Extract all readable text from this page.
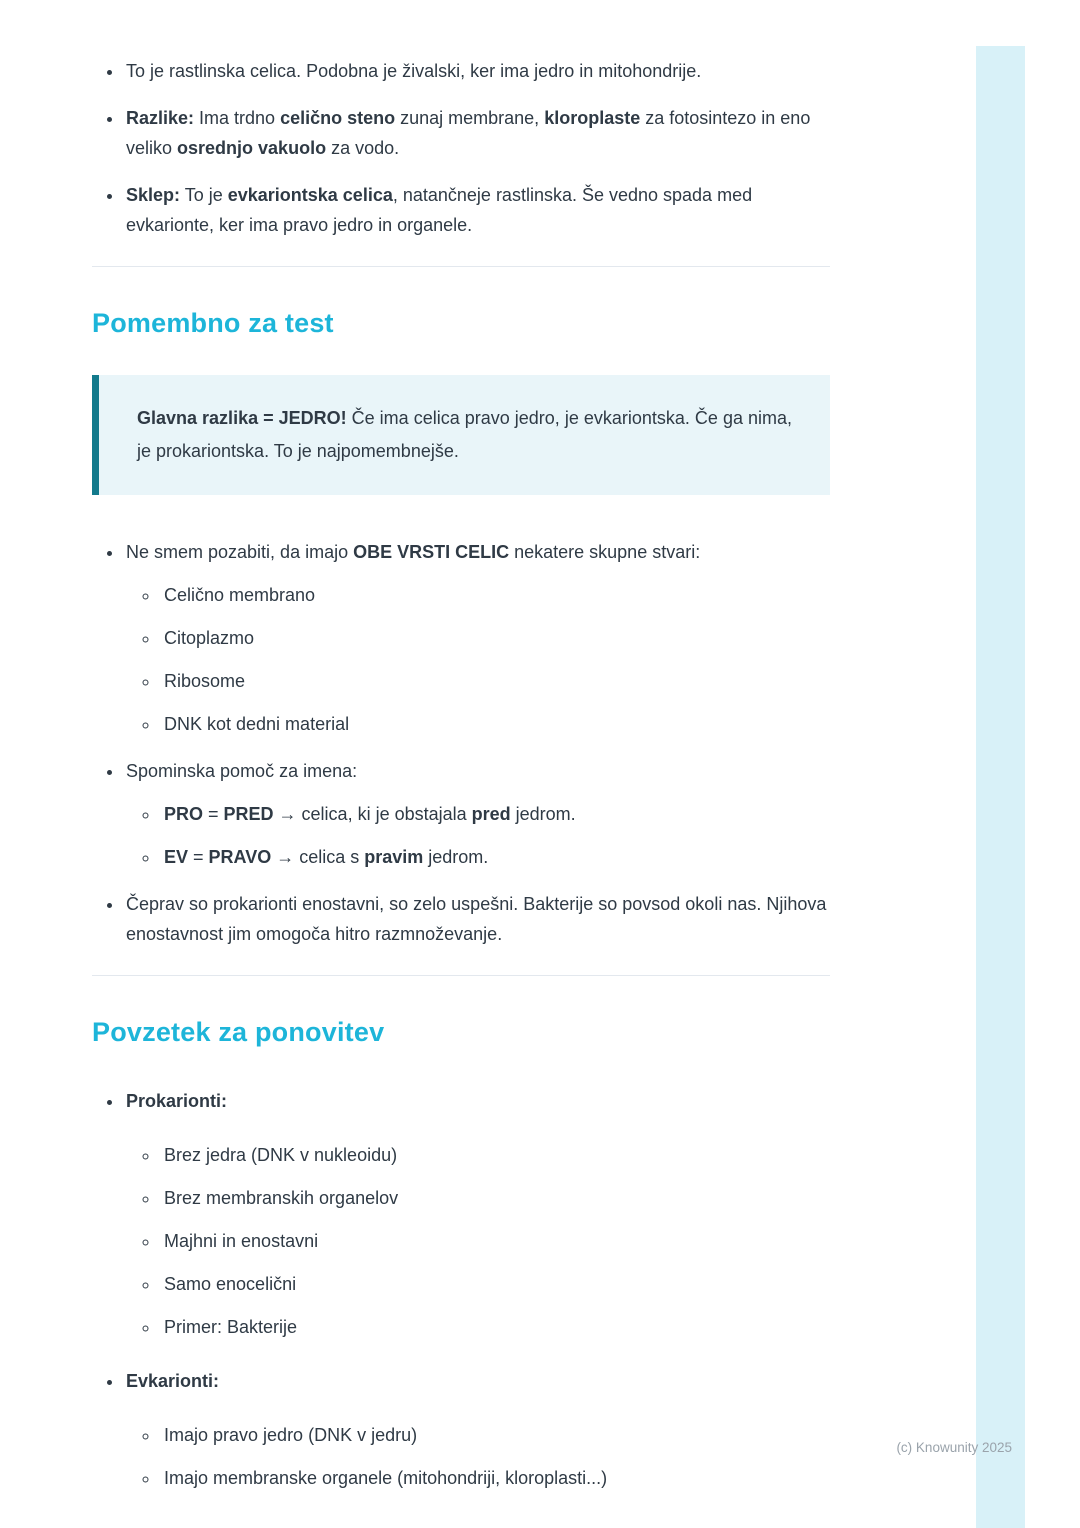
• To je rastlinska celica. Podobna je živalski, ker ima jedro in mitohondrije.
• Razlike: Ima trdno celično steno zunaj membrane, kloroplaste za fotosintezo in eno veliko osrednjo vakuolo za vodo.
• Sklep: To je evkariontska celica, natančneje rastlinska. Še vedno spada med evkarionte, ker ima pravo jedro in organele.
Pomembno za test

Glavna razlika = JEDRO! Če ima celica pravo jedro, je evkariontska. Če ga nima, je prokariontska. To je najpomembnejše.

• Ne smem pozabiti, da imajo OBE VRSTI CELIC nekatere skupne stvari:
◦ Celično membrano
◦ Citoplazmo
◦ Ribosome
◦ DNK kot dedni material
• Spominska pomoč za imena:
◦ PRO = PRED → celica, ki je obstajala pred jedrom.
◦ EV = PRAVO → celica s pravim jedrom.
• Čeprav so prokarionti enostavni, so zelo uspešni. Bakterije so povsod okoli nas. Njihova enostavnost jim omogoča hitro razmnoževanje.
Povzetek za ponovitev
• Prokarionti:
◦ Brez jedra (DNK v nukleoidu)
◦ Brez membranskih organelov
◦ Majhni in enostavni
◦ Samo enocelični
◦ Primer: Bakterije
• Evkarionti:
◦ Imajo pravo jedro (DNK v jedru)
◦ Imajo membranske organele (mitohondriji, kloroplasti...)
(c) Knowunity 2025
